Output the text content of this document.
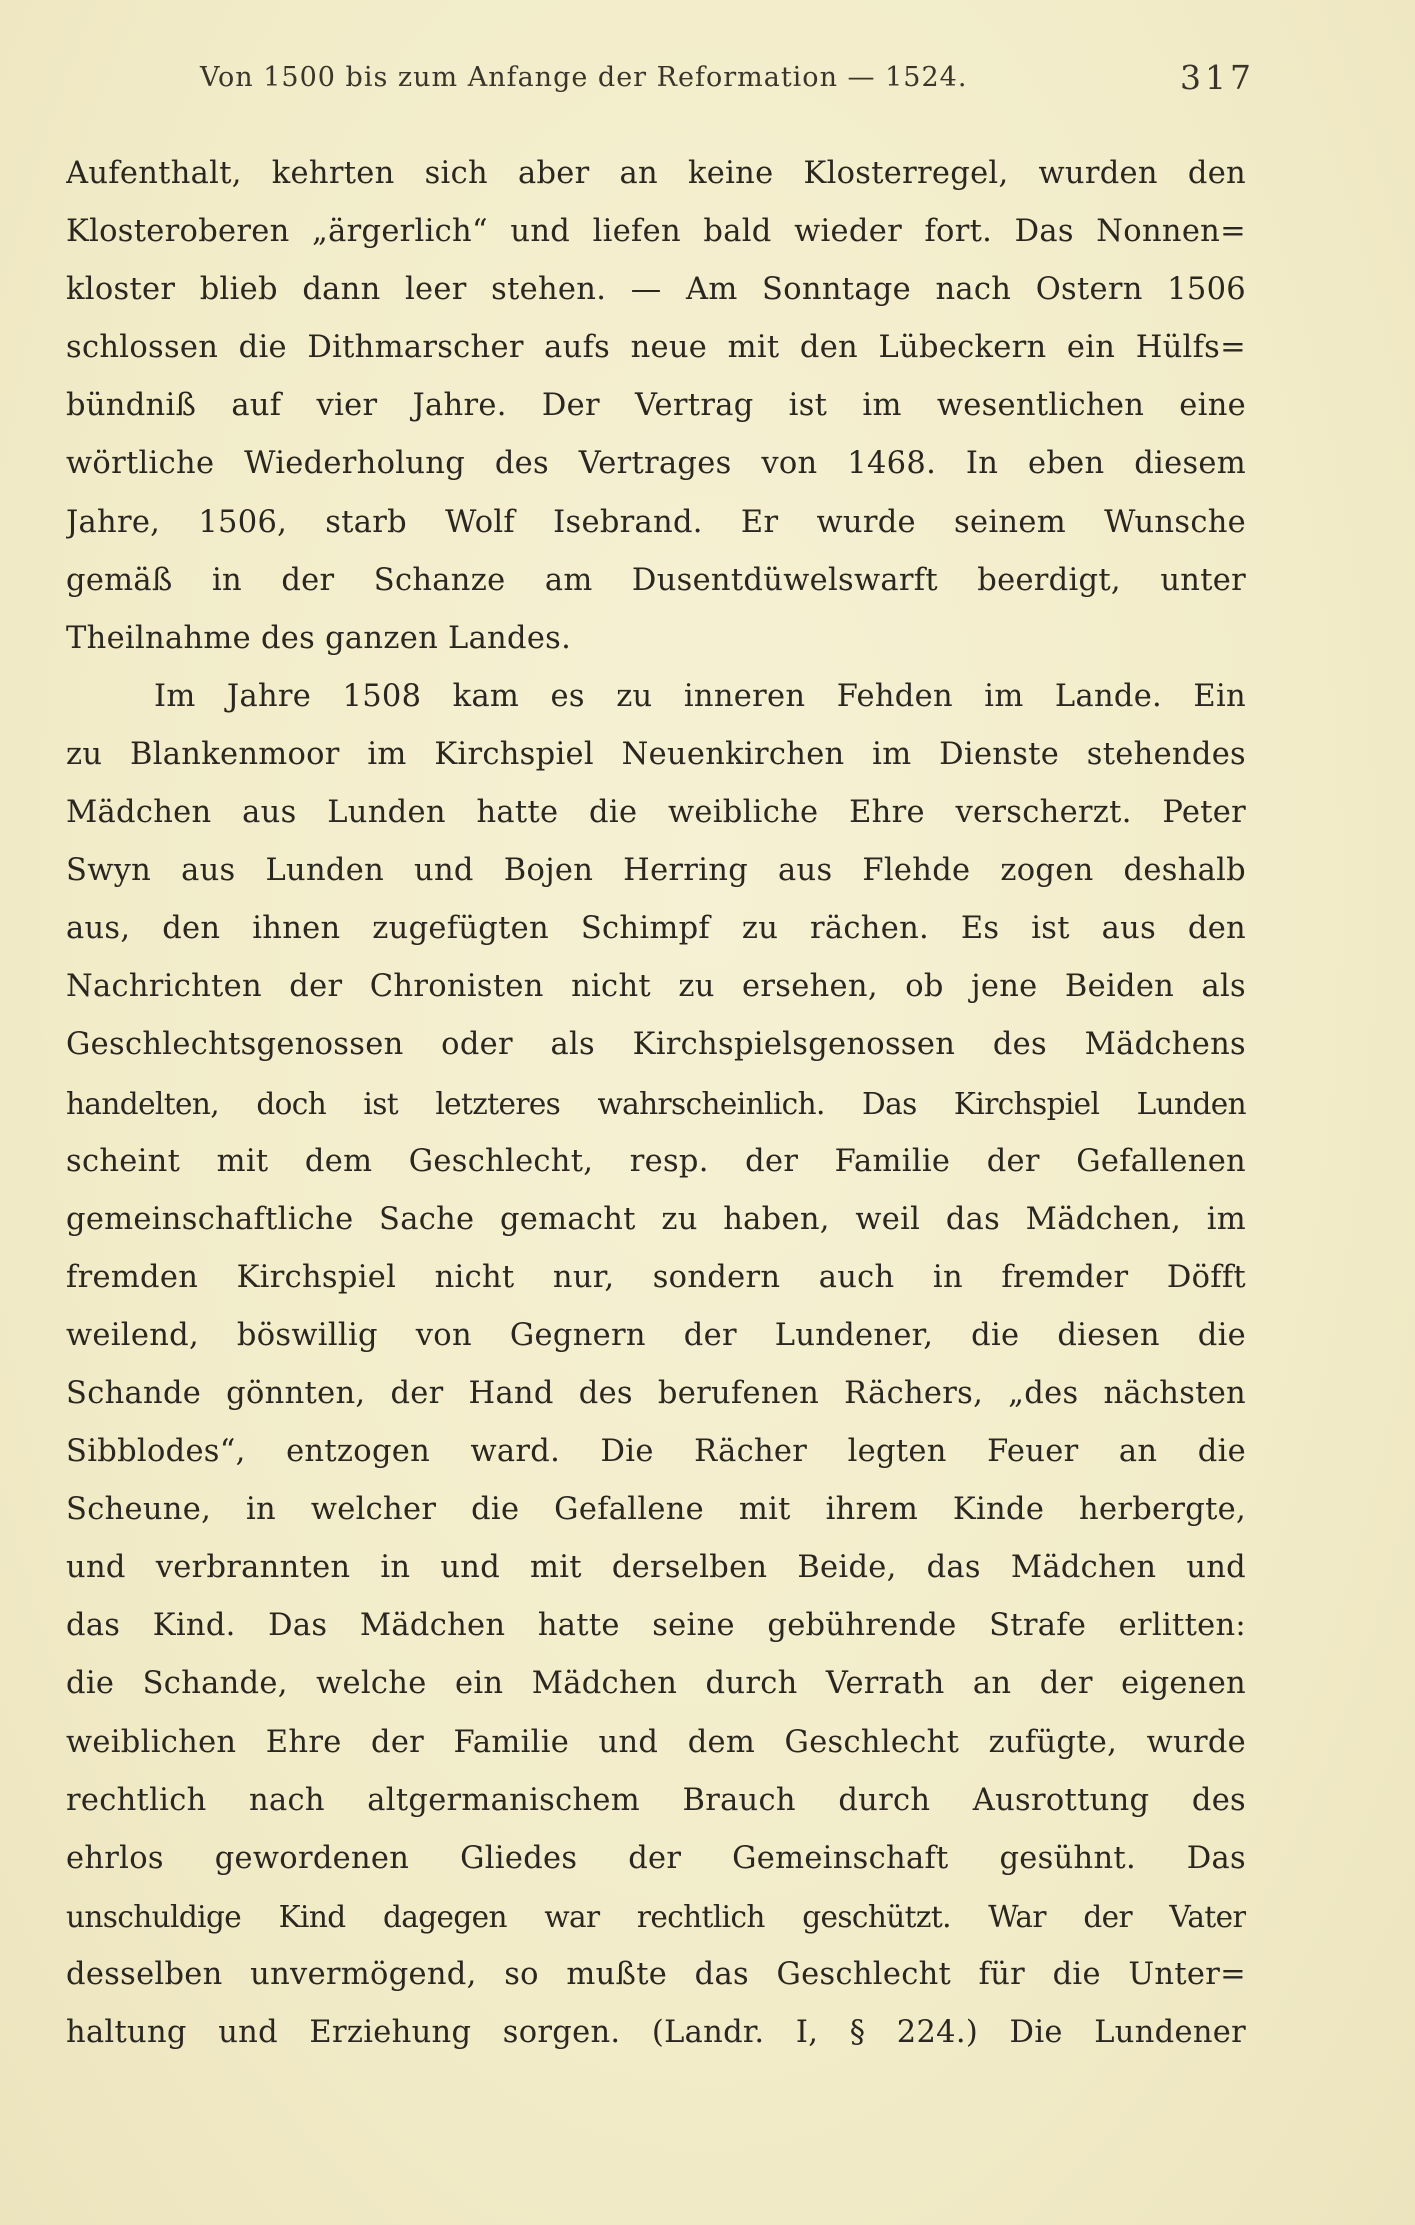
Von 1500 bis zum Anfange der Reformation — 1524.	317
Aufenthalt, kehrten sich aber an keine Klosterregel, wurden den
Klosteroberen „ärgerlich“ und liefen bald wieder fort. Das Nonnen=
kloster blieb dann leer stehen. — Am Sonntage nach Ostern 1506
schlossen die Dithmarscher aufs neue mit den Lübeckern ein Hülfs=
bündniß auf vier Jahre. Der Vertrag ist im wesentlichen eine
wörtliche Wiederholung des Vertrages von 1468. In eben diesem
Jahre, 1506, starb Wolf Isebrand. Er wurde seinem Wunsche
gemäß in der Schanze am Dusentdüwelswarft beerdigt, unter
Theilnahme des ganzen Landes.
Im Jahre 1508 kam es zu inneren Fehden im Lande. Ein
zu Blankenmoor im Kirchspiel Neuenkirchen im Dienste stehendes
Mädchen aus Lunden hatte die weibliche Ehre verscherzt. Peter
Swyn aus Lunden und Bojen Herring aus Flehde zogen deshalb
aus, den ihnen zugefügten Schimpf zu rächen. Es ist aus den
Nachrichten der Chronisten nicht zu ersehen, ob jene Beiden als
Geschlechtsgenossen oder als Kirchspielsgenossen des Mädchens
handelten, doch ist letzteres wahrscheinlich. Das Kirchspiel Lunden
scheint mit dem Geschlecht, resp. der Familie der Gefallenen
gemeinschaftliche Sache gemacht zu haben, weil das Mädchen, im
fremden Kirchspiel nicht nur, sondern auch in fremder Döfft
weilend, böswillig von Gegnern der Lundener, die diesen die
Schande gönnten, der Hand des berufenen Rächers, „des nächsten
Sibblodes“, entzogen ward. Die Rächer legten Feuer an die
Scheune, in welcher die Gefallene mit ihrem Kinde herbergte,
und verbrannten in und mit derselben Beide, das Mädchen und
das Kind. Das Mädchen hatte seine gebührende Strafe erlitten:
die Schande, welche ein Mädchen durch Verrath an der eigenen
weiblichen Ehre der Familie und dem Geschlecht zufügte, wurde
rechtlich nach altgermanischem Brauch durch Ausrottung des
ehrlos gewordenen Gliedes der Gemeinschaft gesühnt. Das
unschuldige Kind dagegen war rechtlich geschützt. War der Vater
desselben unvermögend, so mußte das Geschlecht für die Unter=
haltung und Erziehung sorgen. (Landr. I, § 224.) Die Lundener
